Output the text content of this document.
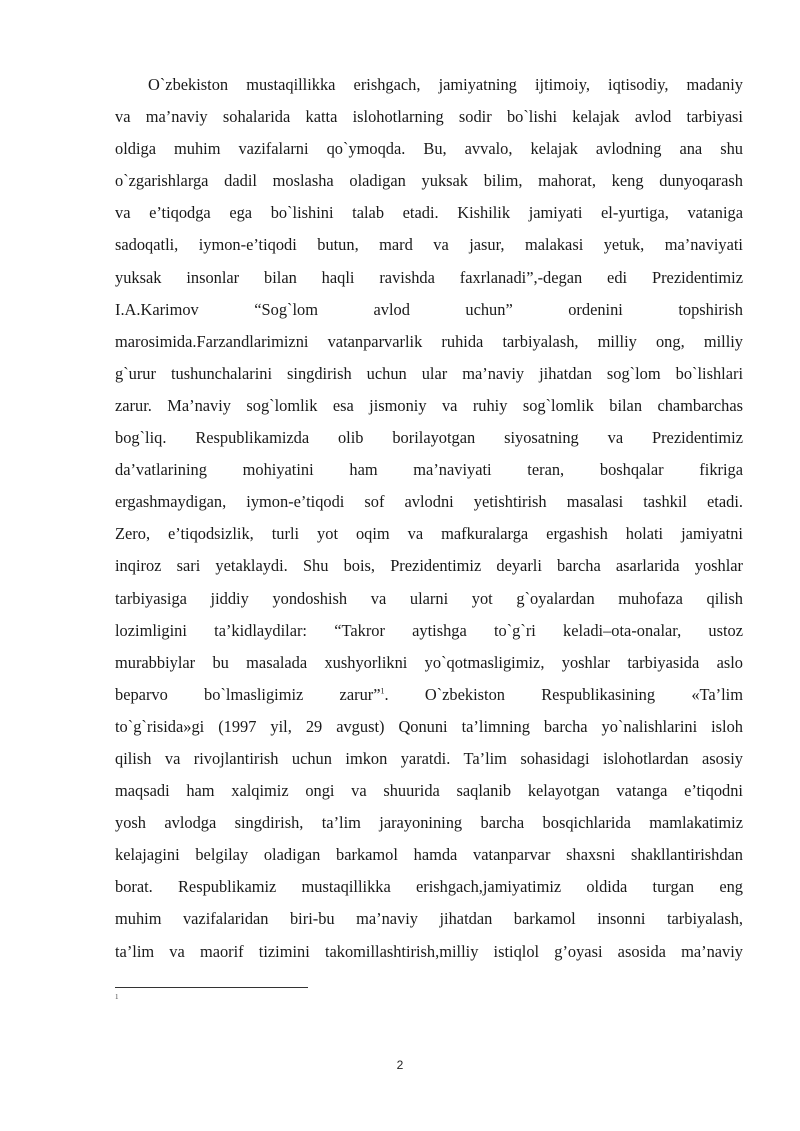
O`zbekiston mustaqillikka erishgach, jamiyatning ijtimoiy, iqtisodiy, madaniy
va ma’naviy sohalarida katta islohotlarning sodir bo`lishi kelajak avlod tarbiyasi
oldiga muhim vazifalarni qo`ymoqda. Bu, avvalo, kelajak avlodning ana shu
o`zgarishlarga dadil moslasha oladigan yuksak bilim, mahorat, keng dunyoqarash
va e’tiqodga ega bo`lishini talab etadi. Kishilik jamiyati el-yurtiga, vataniga
sadoqatli, iymon-e’tiqodi butun, mard va jasur, malakasi yetuk, ma’naviyati
yuksak insonlar bilan haqli ravishda faxrlanadi”,-degan edi Prezidentimiz
I.A.Karimov “Sog`lom avlod uchun” ordenini topshirish
marosimida.Farzandlarimizni vatanparvarlik ruhida tarbiyalash, milliy ong, milliy
g`urur tushunchalarini singdirish uchun ular ma’naviy jihatdan sog`lom bo`lishlari
zarur. Ma’naviy sog`lomlik esa jismoniy va ruhiy sog`lomlik bilan chambarchas
bog`liq. Respublikamizda olib borilayotgan siyosatning va Prezidentimiz
da’vatlarining mohiyatini ham ma’naviyati teran, boshqalar fikriga
ergashmaydigan, iymon-e’tiqodi sof avlodni yetishtirish masalasi tashkil etadi.
Zero, e’tiqodsizlik, turli yot oqim va mafkuralarga ergashish holati jamiyatni
inqiroz sari yetaklaydi. Shu bois, Prezidentimiz deyarli barcha asarlarida yoshlar
tarbiyasiga jiddiy yondoshish va ularni yot g`oyalardan muhofaza qilish
lozimligini ta’kidlaydilar: “Takror aytishga to`g`ri keladi–ota-onalar, ustoz
murabbiylar bu masalada xushyorlikni yo`qotmasligimiz, yoshlar tarbiyasida aslo
beparvo bo`lmasligimiz zarur”$^1$. O`zbekiston Respublikasining «Ta’lim
to`g`risida»gi (1997 yil, 29 avgust) Qonuni ta’limning barcha yo`nalishlarini isloh
qilish va rivojlantirish uchun imkon yaratdi. Ta’lim sohasidagi islohotlardan asosiy
maqsadi ham xalqimiz ongi va shuurida saqlanib kelayotgan vatanga e’tiqodni
yosh avlodga singdirish, ta’lim jarayonining barcha bosqichlarida mamlakatimiz
kelajagini belgilay oladigan barkamol hamda vatanparvar shaxsni shakllantirishdan
borat. Respublikamiz mustaqillikka erishgach,jamiyatimiz oldida turgan eng
muhim vazifalaridan biri-bu ma’naviy jihatdan barkamol insonni tarbiyalash,
ta’lim va maorif tizimini takomillashtirish,milliy istiqlol g’oyasi asosida ma’naviy
1
2
